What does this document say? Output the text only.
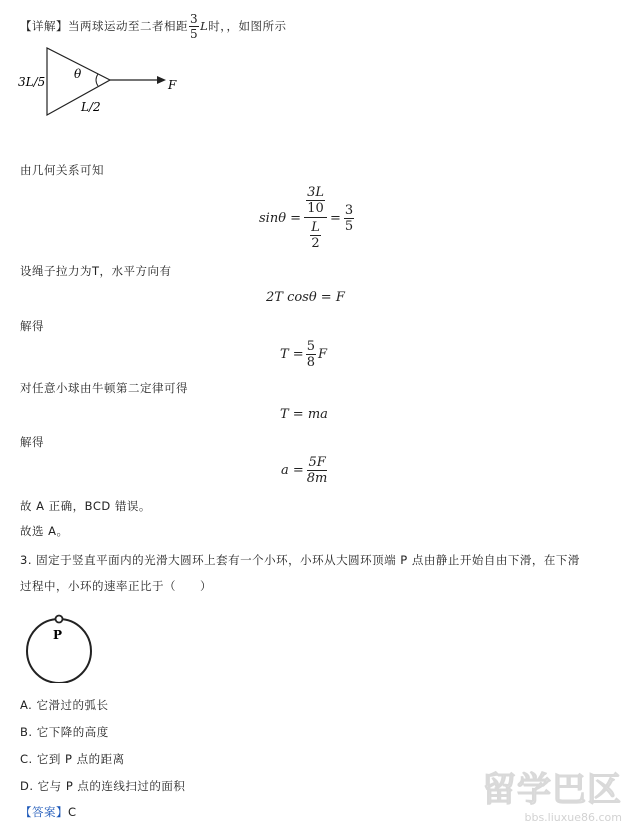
【详解】当两球运动至二者相距 $\frac{3}{5}$ L时，，如图所示
3L/5
θ
L/2
F
由几何关系可知
$\sin\theta = \frac{\frac{3L}{10}}{\frac{L}{2}} = \frac{3}{5}$
设绳子拉力为T，水平方向有
2T cosθ = F
解得
$T = \frac{5}{8}$ F
对任意小球由牛顿第二定律可得
T = ma
解得
$a = \frac{5F}{8m}$
故 A 正确，BCD 错误。
故选 A。
3. 固定于竖直平面内的光滑大圆环上套有一个小环，小环从大圆环顶端 P 点由静止开始自由下滑，在下滑
过程中，小环的速率正比于（　　）
P
A. 它滑过的弧长
B. 它下降的高度
C. 它到 P 点的距离
D. 它与 P 点的连线扫过的面积
【答案】C
留学巴区
bbs.liuxue86.com
